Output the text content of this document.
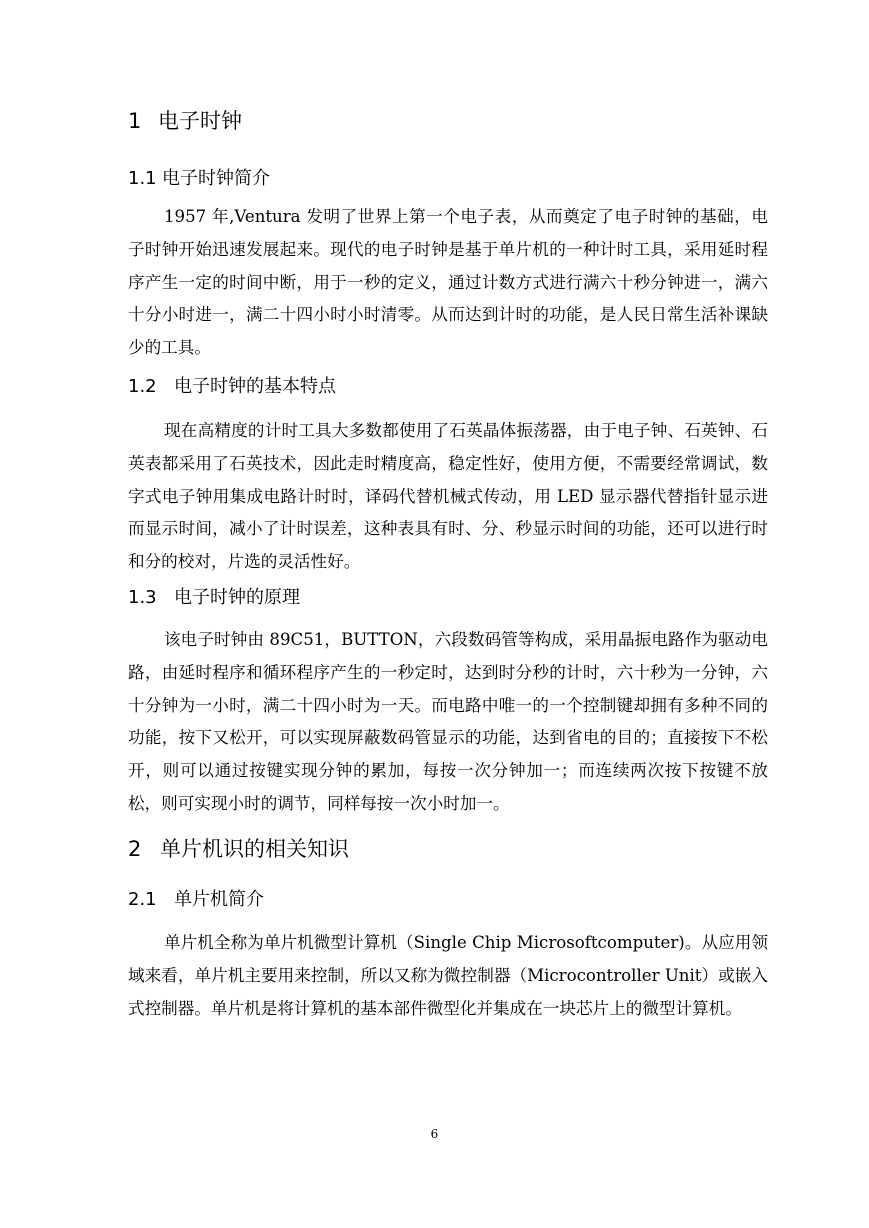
1 电子时钟
1.1 电子时钟简介

1957 年,Ventura 发明了世界上第一个电子表，从而奠定了电子时钟的基础，电子时钟开始迅速发展起来。现代的电子时钟是基于单片机的一种计时工具，采用延时程序产生一定的时间中断，用于一秒的定义，通过计数方式进行满六十秒分钟进一，满六十分小时进一，满二十四小时小时清零。从而达到计时的功能，是人民日常生活补课缺少的工具。

1.2 电子时钟的基本特点

现在高精度的计时工具大多数都使用了石英晶体振荡器，由于电子钟、石英钟、石英表都采用了石英技术，因此走时精度高，稳定性好，使用方便，不需要经常调试，数字式电子钟用集成电路计时时，译码代替机械式传动，用 LED 显示器代替指针显示进而显示时间，减小了计时误差，这种表具有时、分、秒显示时间的功能，还可以进行时和分的校对，片选的灵活性好。

1.3 电子时钟的原理

该电子时钟由 89C51，BUTTON，六段数码管等构成，采用晶振电路作为驱动电路，由延时程序和循环程序产生的一秒定时，达到时分秒的计时，六十秒为一分钟，六十分钟为一小时，满二十四小时为一天。而电路中唯一的一个控制键却拥有多种不同的功能，按下又松开，可以实现屏蔽数码管显示的功能，达到省电的目的；直接按下不松开，则可以通过按键实现分钟的累加，每按一次分钟加一；而连续两次按下按键不放松，则可实现小时的调节，同样每按一次小时加一。

2 单片机识的相关知识
2.1 单片机简介

单片机全称为单片机微型计算机（Single Chip Microsoftcomputer)。从应用领域来看，单片机主要用来控制，所以又称为微控制器（Microcontroller Unit）或嵌入式控制器。单片机是将计算机的基本部件微型化并集成在一块芯片上的微型计算机。

6
